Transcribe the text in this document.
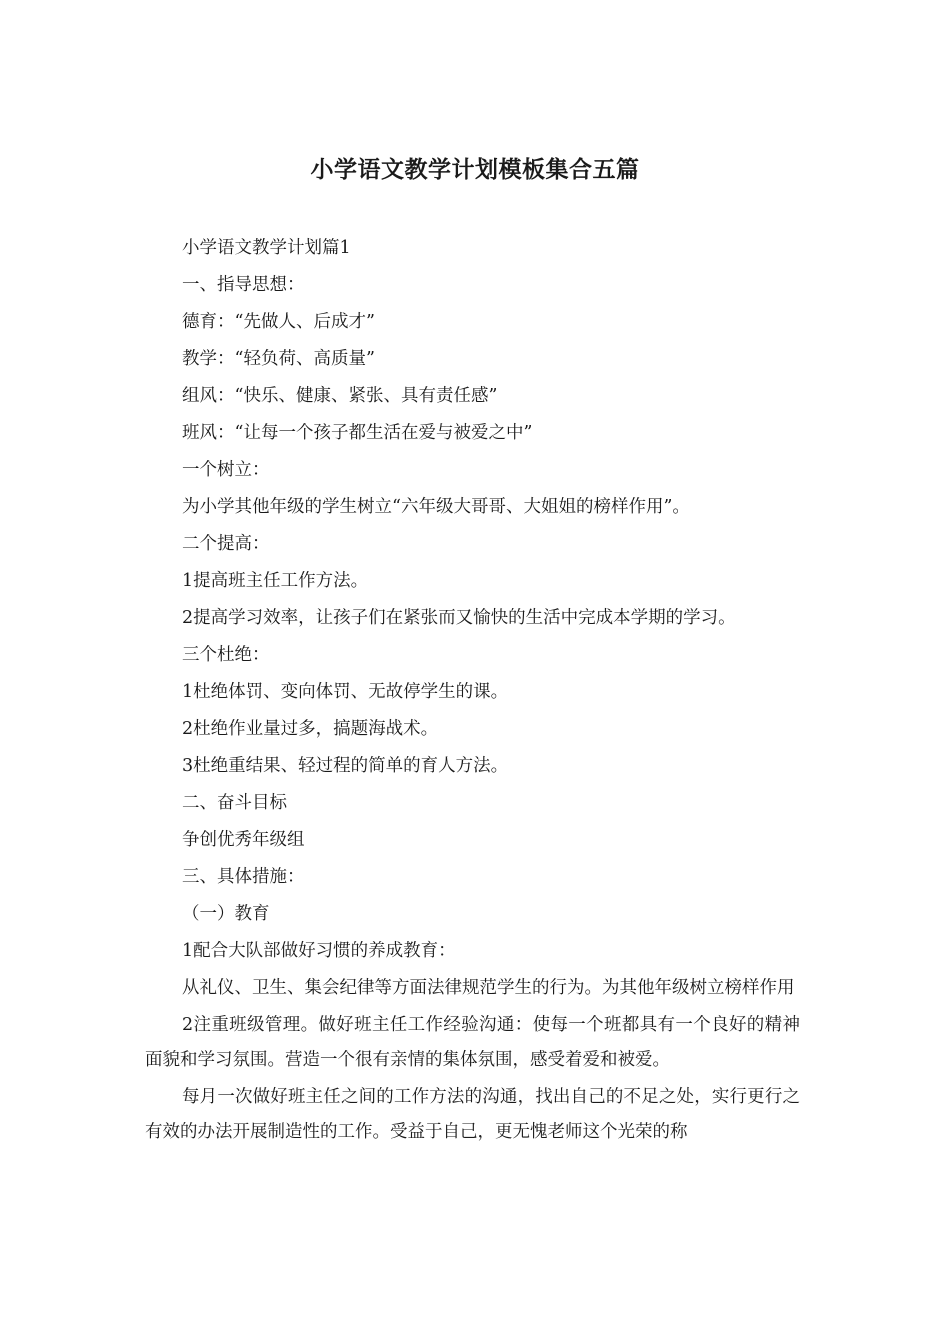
小学语文教学计划模板集合五篇
小学语文教学计划篇1
一、指导思想：
德育：“先做人、后成才”
教学：“轻负荷、高质量”
组风：“快乐、健康、紧张、具有责任感”
班风：“让每一个孩子都生活在爱与被爱之中”
一个树立：
为小学其他年级的学生树立“六年级大哥哥、大姐姐的榜样作用”。
二个提高：
1提高班主任工作方法。
2提高学习效率，让孩子们在紧张而又愉快的生活中完成本学期的学习。
三个杜绝：
1杜绝体罚、变向体罚、无故停学生的课。
2杜绝作业量过多，搞题海战术。
3杜绝重结果、轻过程的简单的育人方法。
二、奋斗目标
争创优秀年级组
三、具体措施：
（一）教育
1配合大队部做好习惯的养成教育：
从礼仪、卫生、集会纪律等方面法律规范学生的行为。为其他年级树立榜样作用
2注重班级管理。做好班主任工作经验沟通：使每一个班都具有一个良好的精神面貌和学习氛围。营造一个很有亲情的集体氛围，感受着爱和被爱。
每月一次做好班主任之间的工作方法的沟通，找出自己的不足之处，实行更行之有效的办法开展制造性的工作。受益于自己，更无愧老师这个光荣的称
